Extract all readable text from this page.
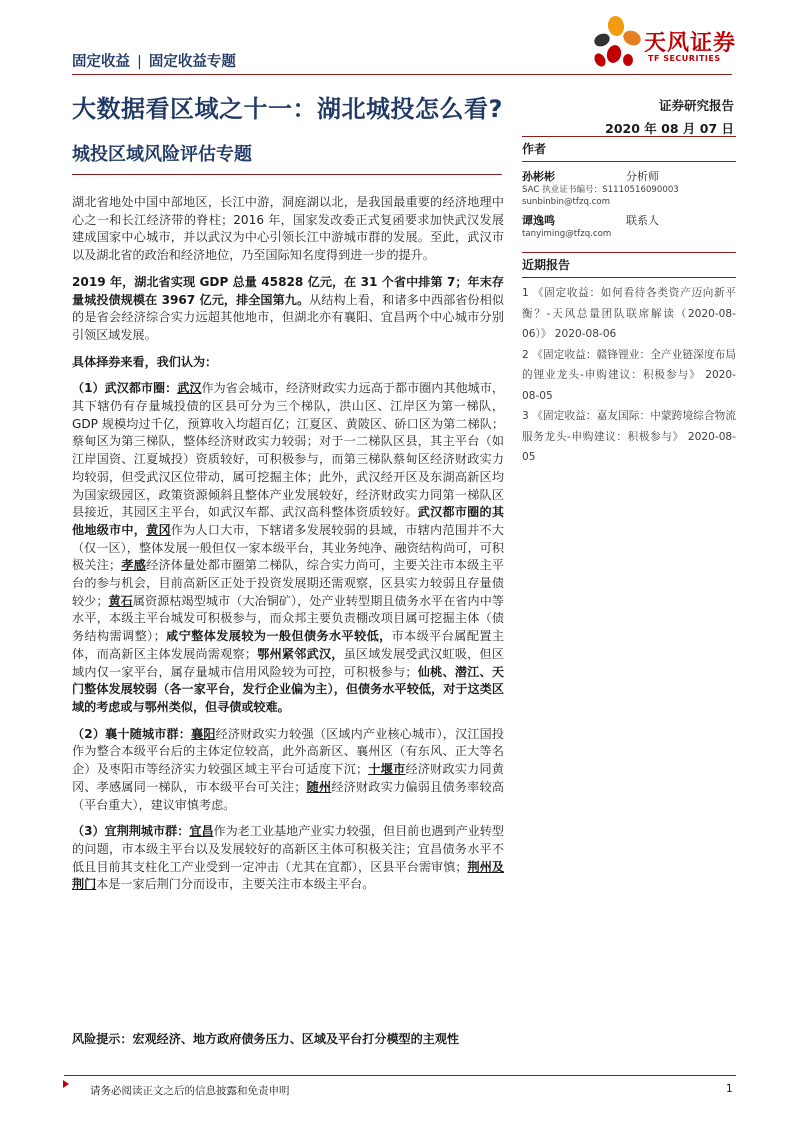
固定收益 | 固定收益专题
天风证券
TF SECURITIES
大数据看区域之十一：湖北城投怎么看?
城投区域风险评估专题
证券研究报告
2020 年 08 月 07 日
作者
孙彬彬	分析师
SAC 执业证书编号：S1110516090003
sunbinbin@tfzq.com
谭逸鸣	联系人
tanyiming@tfzq.com
近期报告

1 《固定收益：如何看待各类资产迈向新平衡？-天风总量团队联席解读（2020-08-06）》 2020-08-06

2 《固定收益：赣锋锂业：全产业链深度布局的锂业龙头-申购建议：积极参与》 2020-08-05

3 《固定收益：嘉友国际：中蒙跨境综合物流服务龙头-申购建议：积极参与》 2020-08-05

湖北省地处中国中部地区，长江中游，洞庭湖以北，是我国最重要的经济地理中心之一和长江经济带的脊柱；2016 年，国家发改委正式复函要求加快武汉发展建成国家中心城市，并以武汉为中心引领长江中游城市群的发展。至此，武汉市以及湖北省的政治和经济地位，乃至国际知名度得到进一步的提升。

2019 年，湖北省实现 GDP 总量 45828 亿元，在 31 个省中排第 7；年末存量城投债规模在 3967 亿元，排全国第九。从结构上看，和诸多中西部省份相似的是省会经济综合实力远超其他地市，但湖北亦有襄阳、宜昌两个中心城市分别引领区域发展。

具体择券来看，我们认为：

（1）武汉都市圈：武汉作为省会城市，经济财政实力远高于都市圈内其他城市，其下辖仍有存量城投债的区县可分为三个梯队，洪山区、江岸区为第一梯队，GDP 规模均过千亿，预算收入均超百亿；江夏区、黄陂区、硚口区为第二梯队；蔡甸区为第三梯队，整体经济财政实力较弱；对于一二梯队区县，其主平台（如江岸国资、江夏城投）资质较好，可积极参与，而第三梯队蔡甸区经济财政实力均较弱，但受武汉区位带动，属可挖掘主体；此外，武汉经开区及东湖高新区均为国家级园区，政策资源倾斜且整体产业发展较好，经济财政实力同第一梯队区县接近，其园区主平台，如武汉车都、武汉高科整体资质较好。武汉都市圈的其他地级市中，黄冈作为人口大市，下辖诸多发展较弱的县域，市辖内范围并不大（仅一区），整体发展一般但仅一家本级平台，其业务纯净、融资结构尚可，可积极关注；孝感经济体量处都市圈第二梯队，综合实力尚可，主要关注市本级主平台的参与机会，目前高新区正处于投资发展期还需观察，区县实力较弱且存量债较少；黄石属资源枯竭型城市（大冶铜矿），处产业转型期且债务水平在省内中等水平，本级主平台城发可积极参与，而众邦主要负责棚改项目属可挖掘主体（债务结构需调整）；咸宁整体发展较为一般但债务水平较低，市本级平台属配置主体，而高新区主体发展尚需观察；鄂州紧邻武汉，虽区域发展受武汉虹吸，但区域内仅一家平台，属存量城市信用风险较为可控，可积极参与；仙桃、潜江、天门整体发展较弱（各一家平台，发行企业偏为主），但债务水平较低，对于这类区域的考虑或与鄂州类似，但寻债或较难。

（2）襄十随城市群：襄阳经济财政实力较强（区域内产业核心城市），汉江国投作为整合本级平台后的主体定位较高，此外高新区、襄州区（有东风、正大等名企）及枣阳市等经济实力较强区域主平台可适度下沉；十堰市经济财政实力同黄冈、孝感属同一梯队，市本级平台可关注；随州经济财政实力偏弱且债务率较高（平台重大），建议审慎考虑。

（3）宜荆荆城市群：宜昌作为老工业基地产业实力较强，但目前也遇到产业转型的问题，市本级主平台以及发展较好的高新区主体可积极关注；宜昌债务水平不低且目前其支柱化工产业受到一定冲击（尤其在宜都），区县平台需审慎；荆州及荆门本是一家后荆门分而设市，主要关注市本级主平台。

风险提示：宏观经济、地方政府债务压力、区域及平台打分模型的主观性
请务必阅读正文之后的信息披露和免责申明	1
